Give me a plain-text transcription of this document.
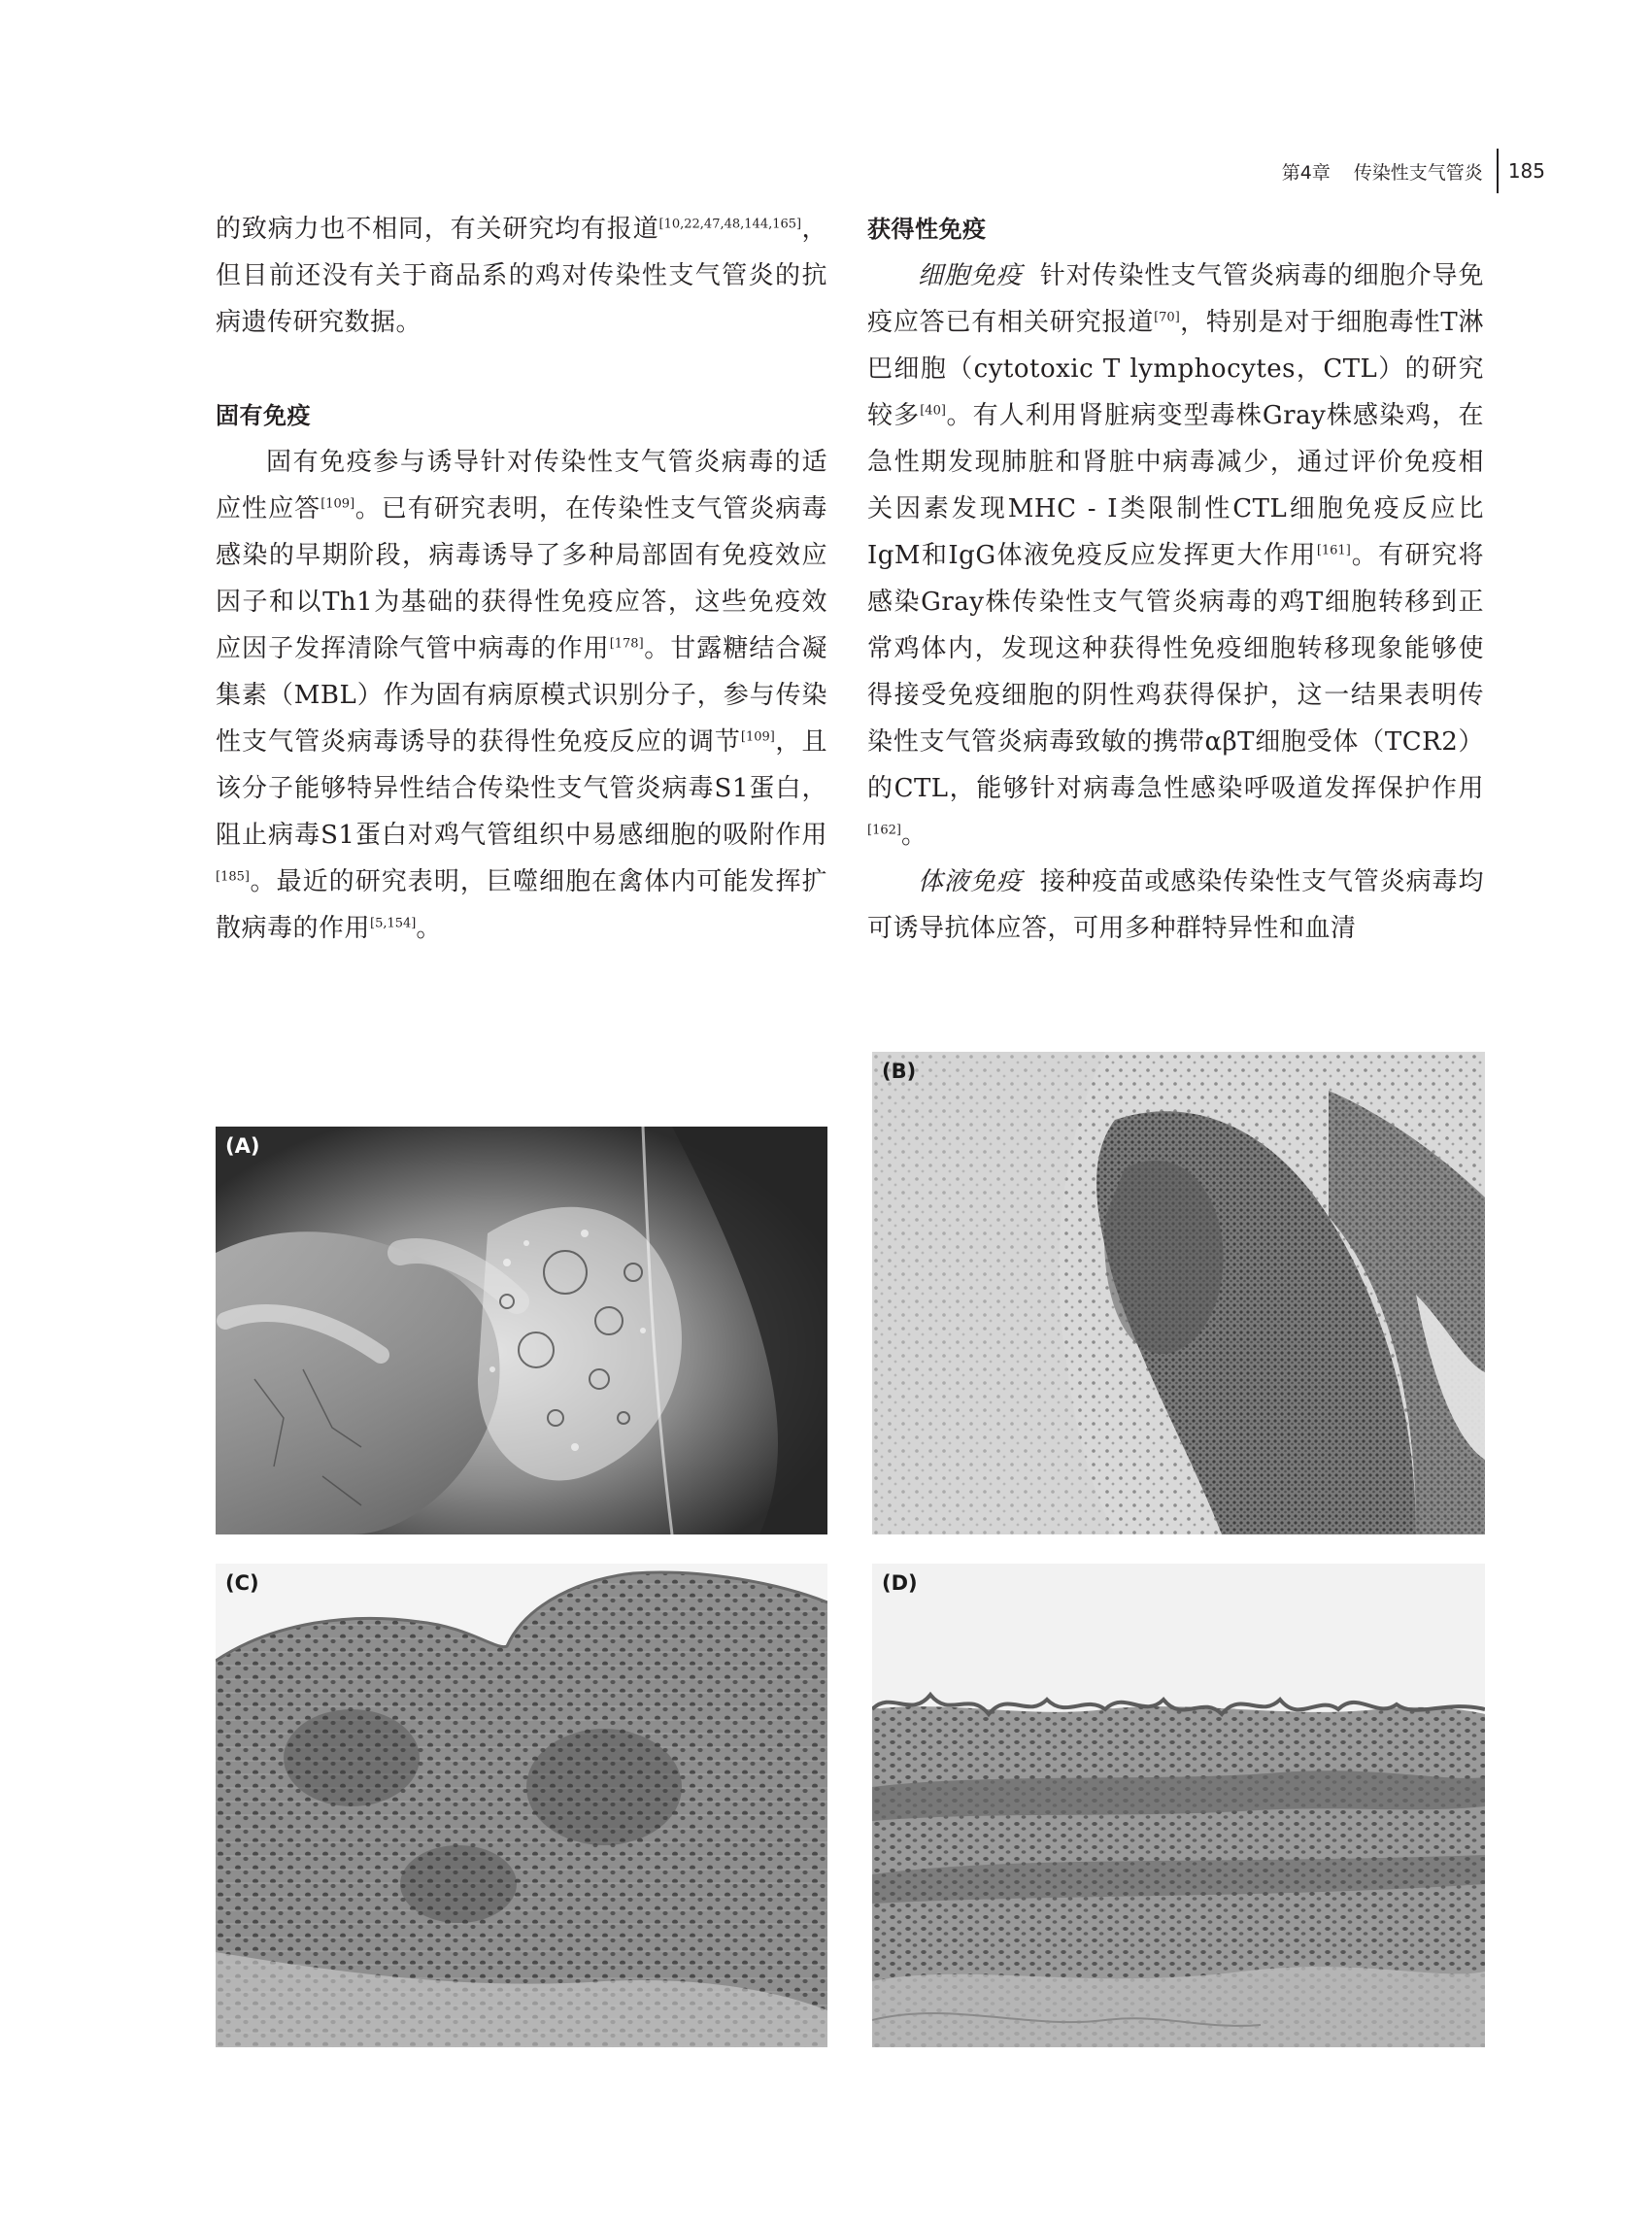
第4章 传染性支气管炎 185

的致病力也不相同，有关研究均有报道[10,22,47,48,144,165]，但目前还没有关于商品系的鸡对传染性支气管炎的抗病遗传研究数据。

固有免疫

固有免疫参与诱导针对传染性支气管炎病毒的适应性应答[109]。已有研究表明，在传染性支气管炎病毒感染的早期阶段，病毒诱导了多种局部固有免疫效应因子和以Th1为基础的获得性免疫应答，这些免疫效应因子发挥清除气管中病毒的作用[178]。甘露糖结合凝集素（MBL）作为固有病原模式识别分子，参与传染性支气管炎病毒诱导的获得性免疫反应的调节[109]，且该分子能够特异性结合传染性支气管炎病毒S1蛋白，阻止病毒S1蛋白对鸡气管组织中易感细胞的吸附作用[185]。最近的研究表明，巨噬细胞在禽体内可能发挥扩散病毒的作用[5,154]。

获得性免疫

细胞免疫 针对传染性支气管炎病毒的细胞介导免疫应答已有相关研究报道[70]，特别是对于细胞毒性T淋巴细胞（cytotoxic T lymphocytes，CTL）的研究较多[40]。有人利用肾脏病变型毒株Gray株感染鸡，在急性期发现肺脏和肾脏中病毒减少，通过评价免疫相关因素发现MHC - I类限制性CTL细胞免疫反应比IgM和IgG体液免疫反应发挥更大作用[161]。有研究将感染Gray株传染性支气管炎病毒的鸡T细胞转移到正常鸡体内，发现这种获得性免疫细胞转移现象能够使得接受免疫细胞的阴性鸡获得保护，这一结果表明传染性支气管炎病毒致敏的携带αβT细胞受体（TCR2）的CTL，能够针对病毒急性感染呼吸道发挥保护作用[162]。

体液免疫 接种疫苗或感染传染性支气管炎病毒均可诱导抗体应答，可用多种群特异性和血清

(A)
(B)
(C)	(D)
